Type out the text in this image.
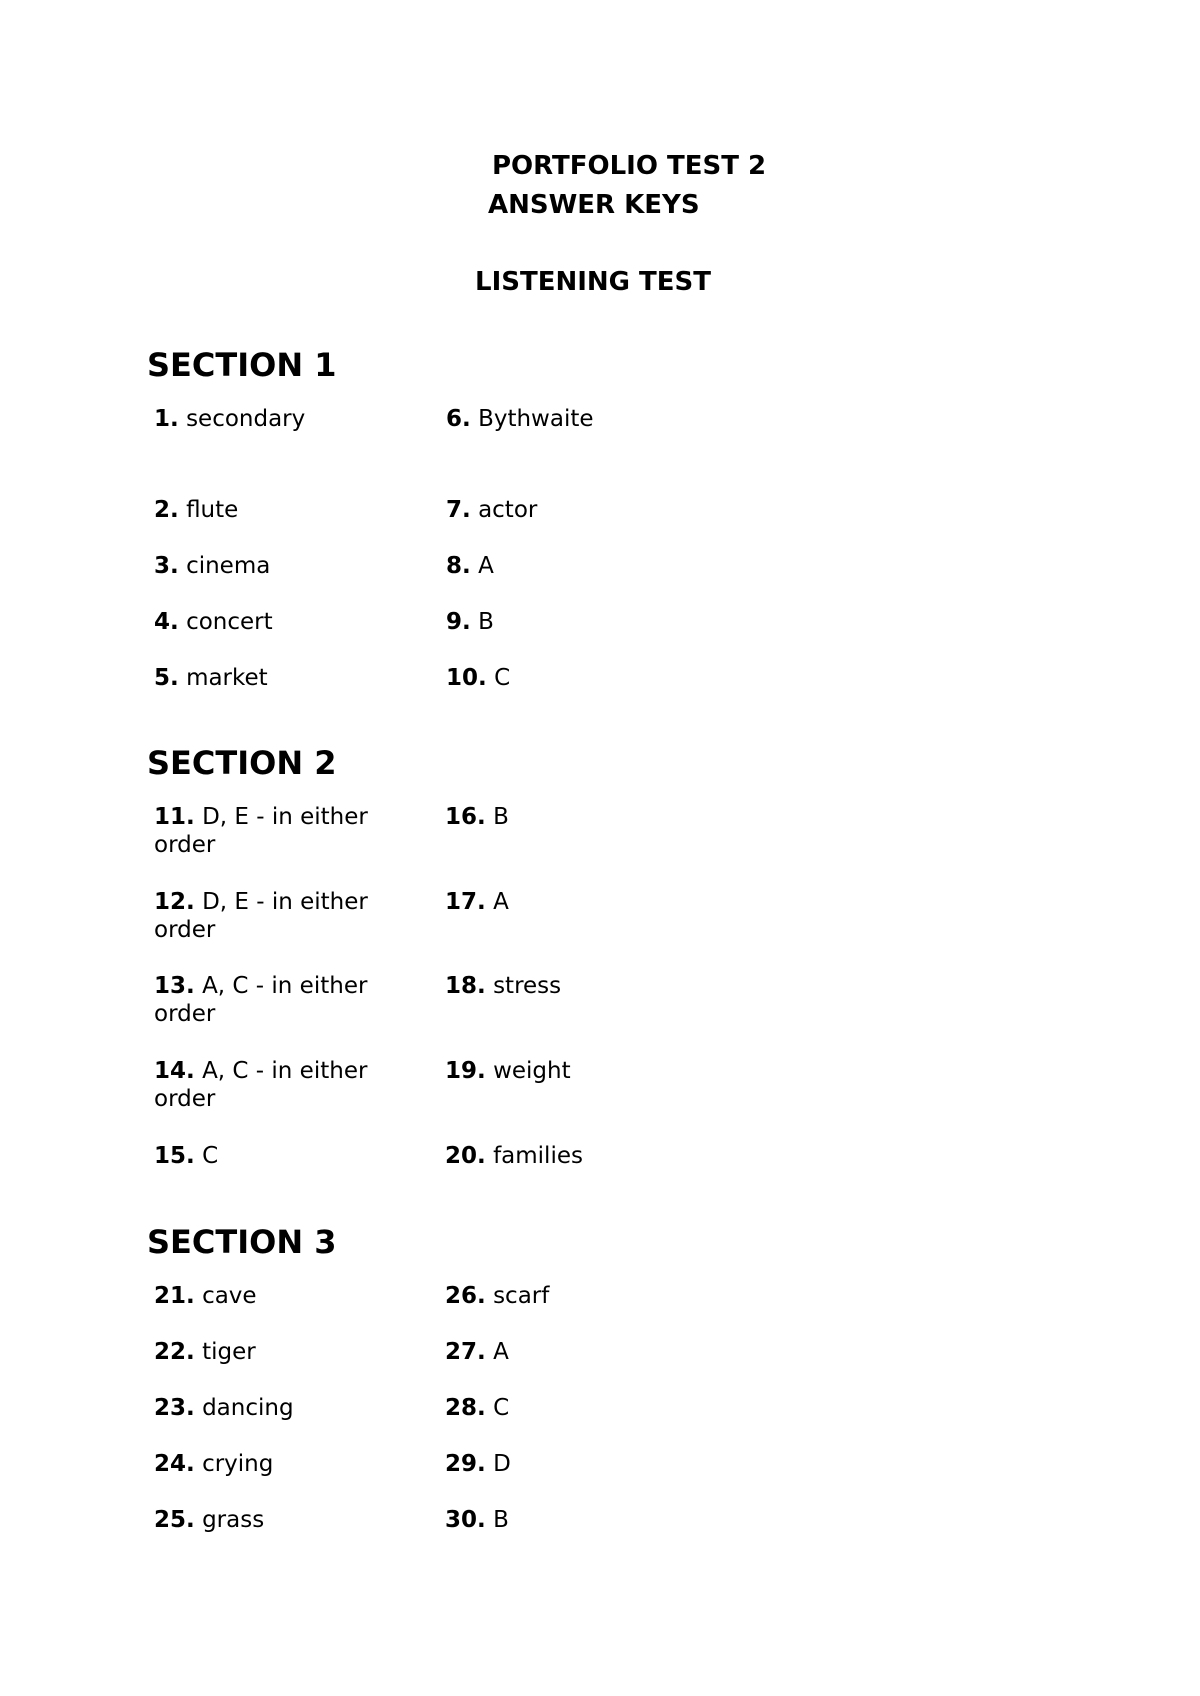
PORTFOLIO TEST 2
ANSWER KEYS
LISTENING TEST
SECTION 1
1. secondary
2. flute
3. cinema
4. concert
5. market
6. Bythwaite
7. actor
8. A
9. B
10. C
SECTION 2
11. D, E - in either order
12. D, E - in either order
13. A, C - in either order
14. A, C - in either order
15. C
16. B
17. A
18. stress
19. weight
20. families
SECTION 3
21. cave
22. tiger
23. dancing
24. crying
25. grass
26. scarf
27. A
28. C
29. D
30. B
